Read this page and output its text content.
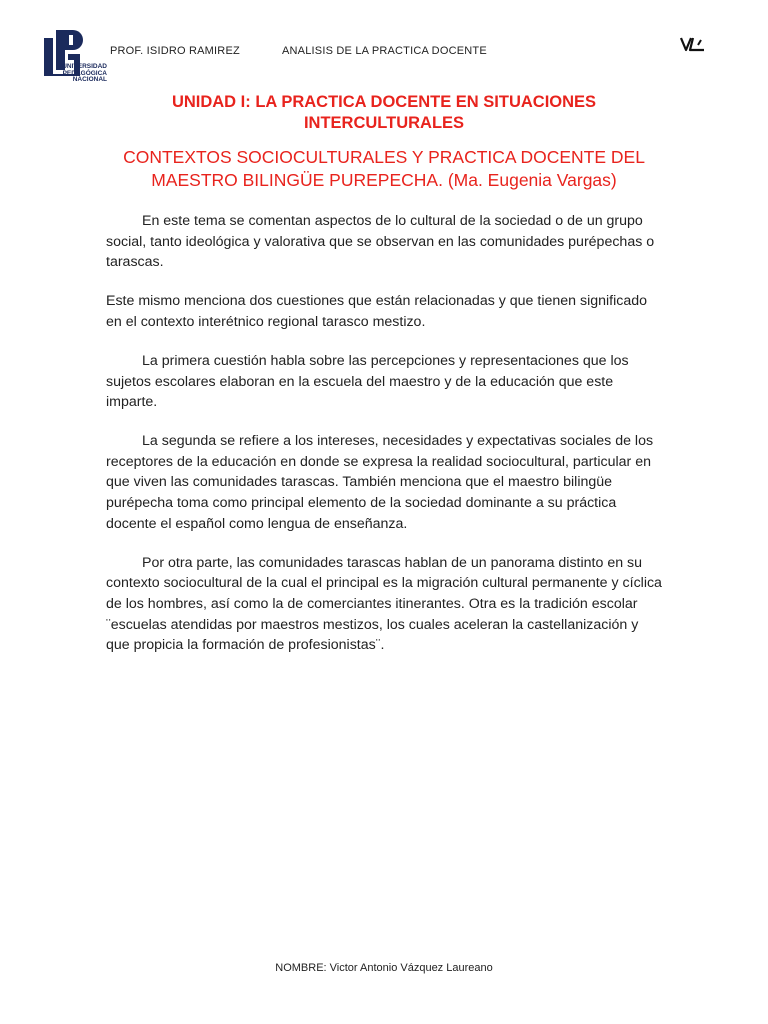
UNIVERSIDAD
PEDAGÓGICA
NACIONAL
PROF. ISIDRO RAMIREZ	ANALISIS DE LA PRACTICA DOCENTE
UNIDAD I: LA PRACTICA DOCENTE EN SITUACIONES INTERCULTURALES
CONTEXTOS SOCIOCULTURALES Y PRACTICA DOCENTE DEL MAESTRO BILINGÜE PUREPECHA. (Ma. Eugenia Vargas)

En este tema se comentan aspectos de lo cultural de la sociedad o de un grupo social, tanto ideológica y valorativa que se observan en las comunidades purépechas o tarascas.

Este mismo menciona dos cuestiones que están relacionadas y que tienen significado en el contexto interétnico regional tarasco mestizo.

La primera cuestión habla sobre las percepciones y representaciones que los sujetos escolares elaboran en la escuela del maestro y de la educación que este imparte.

La segunda se refiere a los intereses, necesidades y expectativas sociales de los receptores de la educación en donde se expresa la realidad sociocultural, particular en que viven las comunidades tarascas. También menciona que el maestro bilingüe purépecha toma como principal elemento de la sociedad dominante a su práctica docente el español como lengua de enseñanza.

Por otra parte, las comunidades tarascas hablan de un panorama distinto en su contexto sociocultural de la cual el principal es la migración cultural permanente y cíclica de los hombres, así como la de comerciantes itinerantes. Otra es la tradición escolar ¨escuelas atendidas por maestros mestizos, los cuales aceleran la castellanización y que propicia la formación de profesionistas¨.

NOMBRE: Victor Antonio Vázquez Laureano
